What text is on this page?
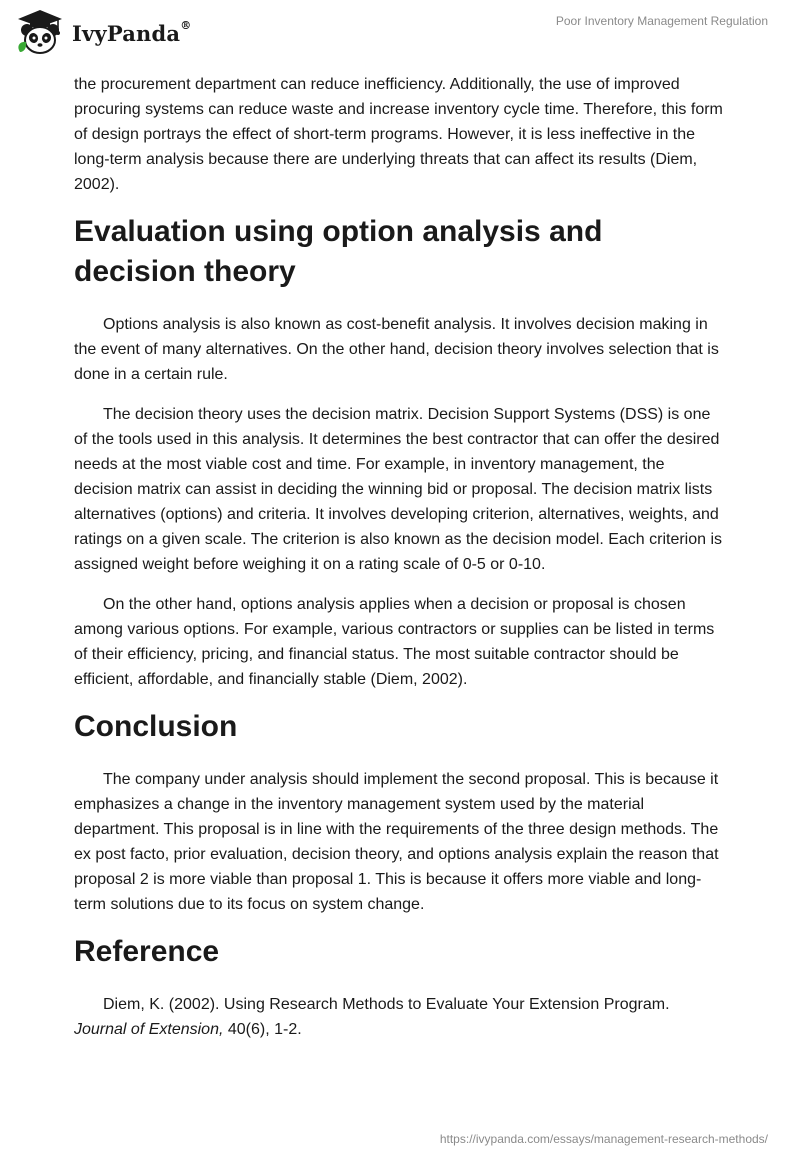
IvyPanda®	Poor Inventory Management Regulation

the procurement department can reduce inefficiency. Additionally, the use of improved procuring systems can reduce waste and increase inventory cycle time. Therefore, this form of design portrays the effect of short-term programs. However, it is less ineffective in the long-term analysis because there are underlying threats that can affect its results (Diem, 2002).

Evaluation using option analysis and decision theory

Options analysis is also known as cost-benefit analysis. It involves decision making in the event of many alternatives. On the other hand, decision theory involves selection that is done in a certain rule.

The decision theory uses the decision matrix. Decision Support Systems (DSS) is one of the tools used in this analysis. It determines the best contractor that can offer the desired needs at the most viable cost and time. For example, in inventory management, the decision matrix can assist in deciding the winning bid or proposal. The decision matrix lists alternatives (options) and criteria. It involves developing criterion, alternatives, weights, and ratings on a given scale. The criterion is also known as the decision model. Each criterion is assigned weight before weighing it on a rating scale of 0-5 or 0-10.

On the other hand, options analysis applies when a decision or proposal is chosen among various options. For example, various contractors or supplies can be listed in terms of their efficiency, pricing, and financial status. The most suitable contractor should be efficient, affordable, and financially stable (Diem, 2002).

Conclusion

The company under analysis should implement the second proposal. This is because it emphasizes a change in the inventory management system used by the material department. This proposal is in line with the requirements of the three design methods. The ex post facto, prior evaluation, decision theory, and options analysis explain the reason that proposal 2 is more viable than proposal 1. This is because it offers more viable and long-term solutions due to its focus on system change.

Reference

Diem, K. (2002). Using Research Methods to Evaluate Your Extension Program. Journal of Extension, 40(6), 1-2.

https://ivypanda.com/essays/management-research-methods/
